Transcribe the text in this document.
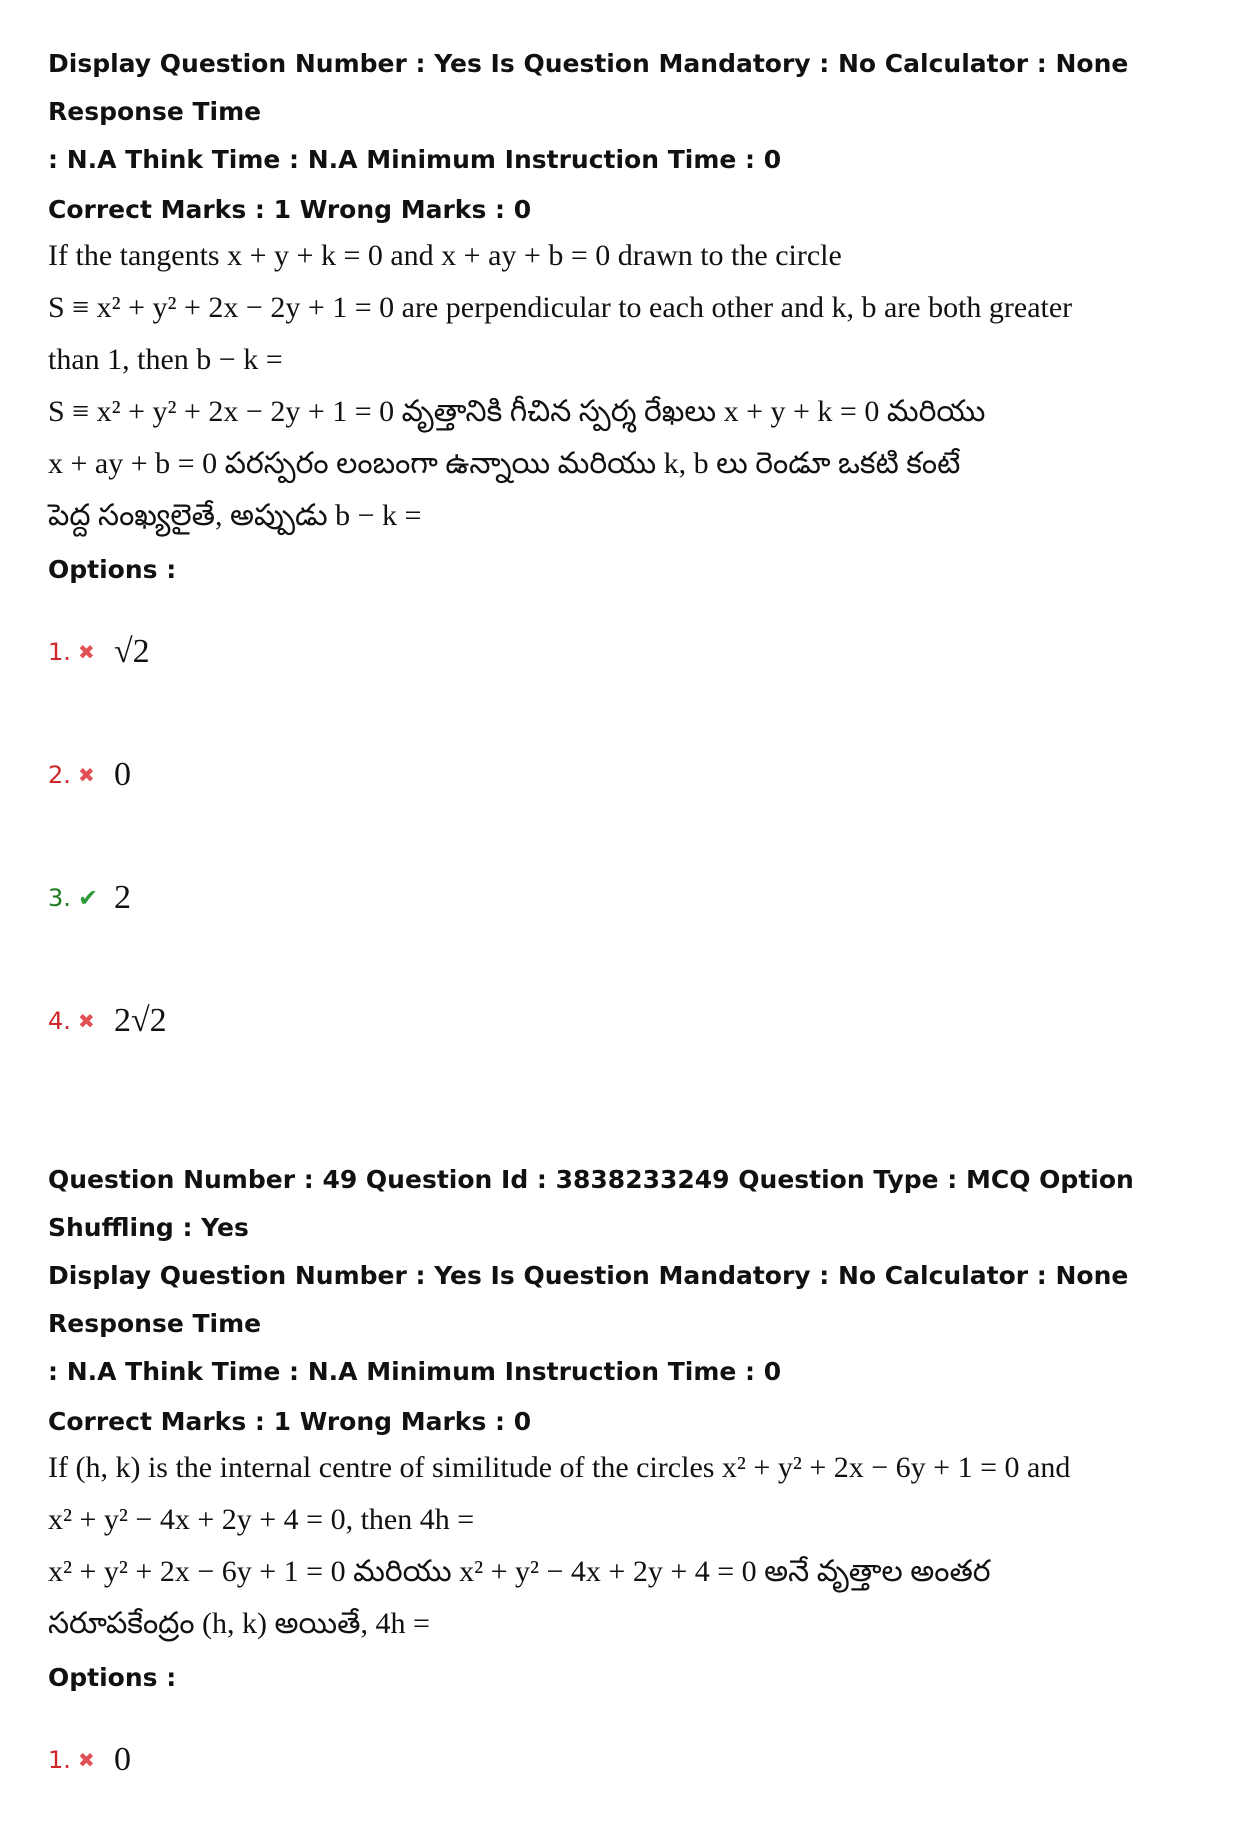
Display Question Number : Yes Is Question Mandatory : No Calculator : None Response Time

: N.A Think Time : N.A Minimum Instruction Time : 0

Correct Marks : 1 Wrong Marks : 0

If the tangents x + y + k = 0 and x + ay + b = 0 drawn to the circle

S ≡ x² + y² + 2x − 2y + 1 = 0 are perpendicular to each other and k, b are both greater

than 1, then b − k =

S ≡ x² + y² + 2x − 2y + 1 = 0 వృత్తానికి గీచిన స్పర్శ రేఖలు x + y + k = 0 మరియు

x + ay + b = 0 పరస్పరం లంబంగా ఉన్నాయి మరియు k, b లు రెండూ ఒకటి కంటే

పెద్ద సంఖ్యలైతే, అప్పుడు b − k =

Options :

1. ✖ √2
2. ✖ 0
3. ✔ 2
4. ✖ 2√2

Question Number : 49 Question Id : 3838233249 Question Type : MCQ Option Shuffling : Yes

Display Question Number : Yes Is Question Mandatory : No Calculator : None Response Time

: N.A Think Time : N.A Minimum Instruction Time : 0

Correct Marks : 1 Wrong Marks : 0

If (h, k) is the internal centre of similitude of the circles x² + y² + 2x − 6y + 1 = 0 and

x² + y² − 4x + 2y + 4 = 0, then 4h =

x² + y² + 2x − 6y + 1 = 0 మరియు x² + y² − 4x + 2y + 4 = 0 అనే వృత్తాల అంతర

సరూపకేంద్రం (h, k) అయితే, 4h =

Options :

1. ✖ 0
